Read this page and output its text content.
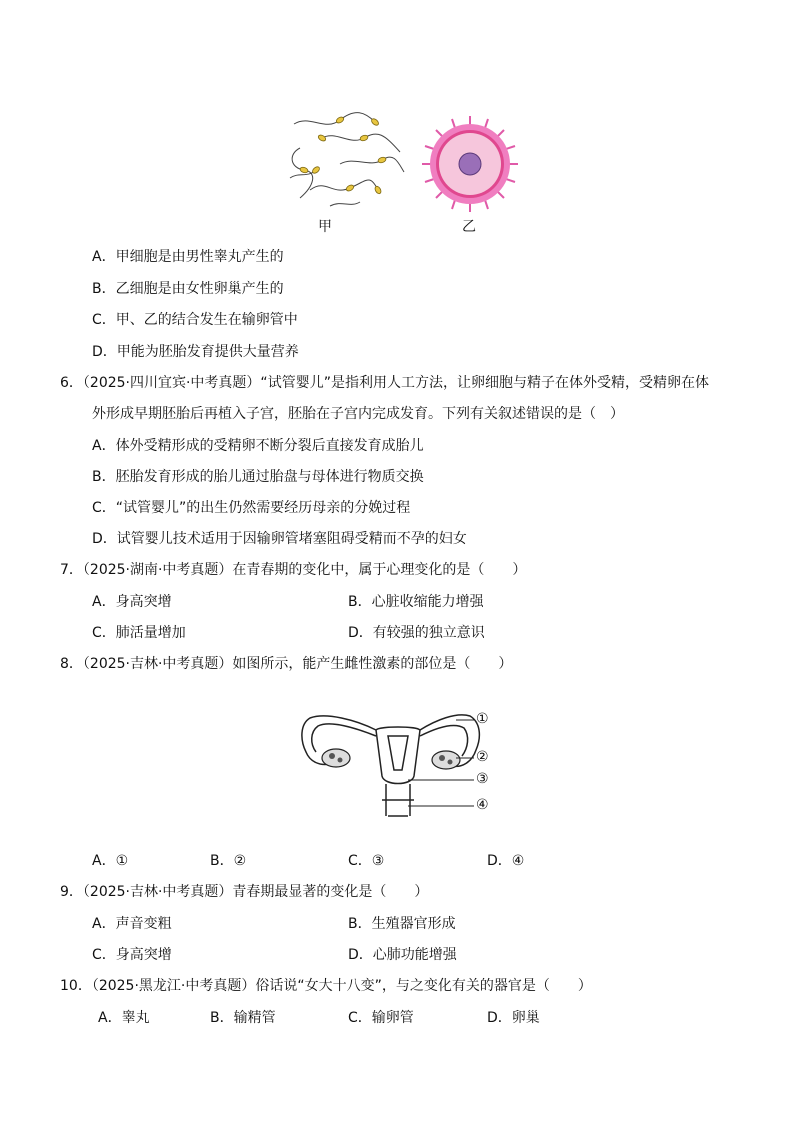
甲	乙
A．甲细胞是由男性睾丸产生的
B．乙细胞是由女性卵巢产生的
C．甲、乙的结合发生在输卵管中
D．甲能为胚胎发育提供大量营养
6．（2025·四川宜宾·中考真题）“试管婴儿”是指利用人工方法，让卵细胞与精子在体外受精，受精卵在体
外形成早期胚胎后再植入子宫，胚胎在子宫内完成发育。下列有关叙述错误的是（　）
A．体外受精形成的受精卵不断分裂后直接发育成胎儿
B．胚胎发育形成的胎儿通过胎盘与母体进行物质交换
C．“试管婴儿”的出生仍然需要经历母亲的分娩过程
D．试管婴儿技术适用于因输卵管堵塞阻碍受精而不孕的妇女
7．（2025·湖南·中考真题）在青春期的变化中，属于心理变化的是（　　）
A．身高突增	B．心脏收缩能力增强
C．肺活量增加	D．有较强的独立意识
8．（2025·吉林·中考真题）如图所示，能产生雌性激素的部位是（　　）
①
②
③
④
A．①	B．②	C．③	D．④
9．（2025·吉林·中考真题）青春期最显著的变化是（　　）
A．声音变粗	B．生殖器官形成
C．身高突增	D．心肺功能增强
10．（2025·黑龙江·中考真题）俗话说“女大十八变”，与之变化有关的器官是（　　）
A．睾丸	B．输精管	C．输卵管	D．卵巢
